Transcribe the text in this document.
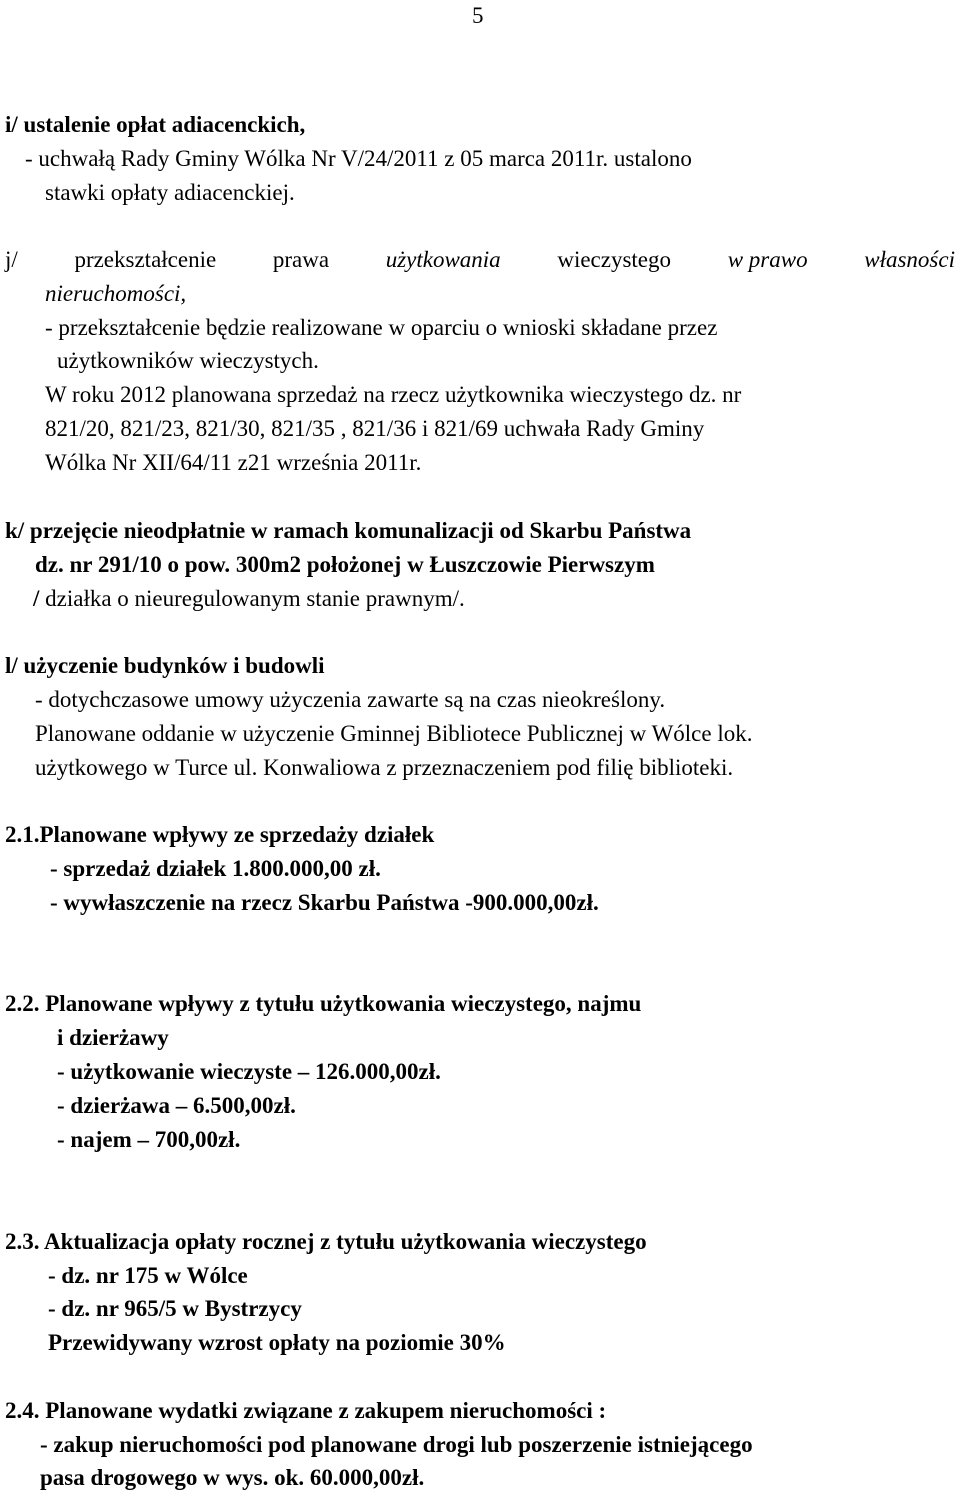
5
i/ ustalenie opłat adiacenckich,
- uchwałą Rady Gminy Wólka Nr V/24/2011 z 05 marca 2011r. ustalono
stawki opłaty adiacenckiej.
j/ przekształcenie prawa użytkowania wieczystego w prawo własności
nieruchomości,
- przekształcenie będzie realizowane w oparciu o wnioski składane przez
użytkowników wieczystych.
W roku 2012 planowana sprzedaż na rzecz użytkownika wieczystego dz. nr
821/20, 821/23, 821/30, 821/35 , 821/36 i 821/69 uchwała Rady Gminy
Wólka Nr XII/64/11 z21 września 2011r.
k/ przejęcie nieodpłatnie w ramach komunalizacji od Skarbu Państwa
dz. nr 291/10 o pow. 300m2 położonej w Łuszczowie Pierwszym
/ działka o nieuregulowanym stanie prawnym/.
l/ użyczenie budynków i budowli
- dotychczasowe umowy użyczenia zawarte są na czas nieokreślony.
Planowane oddanie w użyczenie Gminnej Bibliotece Publicznej w Wólce lok.
użytkowego w Turce ul. Konwaliowa z przeznaczeniem pod filię biblioteki.
2.1.Planowane wpływy ze sprzedaży działek
- sprzedaż działek 1.800.000,00 zł.
- wywłaszczenie na rzecz Skarbu Państwa -900.000,00zł.
2.2. Planowane wpływy z tytułu użytkowania wieczystego, najmu
i dzierżawy
- użytkowanie wieczyste – 126.000,00zł.
- dzierżawa – 6.500,00zł.
- najem – 700,00zł.
2.3. Aktualizacja opłaty rocznej z tytułu użytkowania wieczystego
- dz. nr 175 w Wólce
- dz. nr 965/5 w Bystrzycy
Przewidywany wzrost opłaty na poziomie 30%
2.4. Planowane wydatki związane z zakupem nieruchomości :
- zakup nieruchomości pod planowane drogi lub poszerzenie istniejącego
pasa drogowego w wys. ok. 60.000,00zł.
